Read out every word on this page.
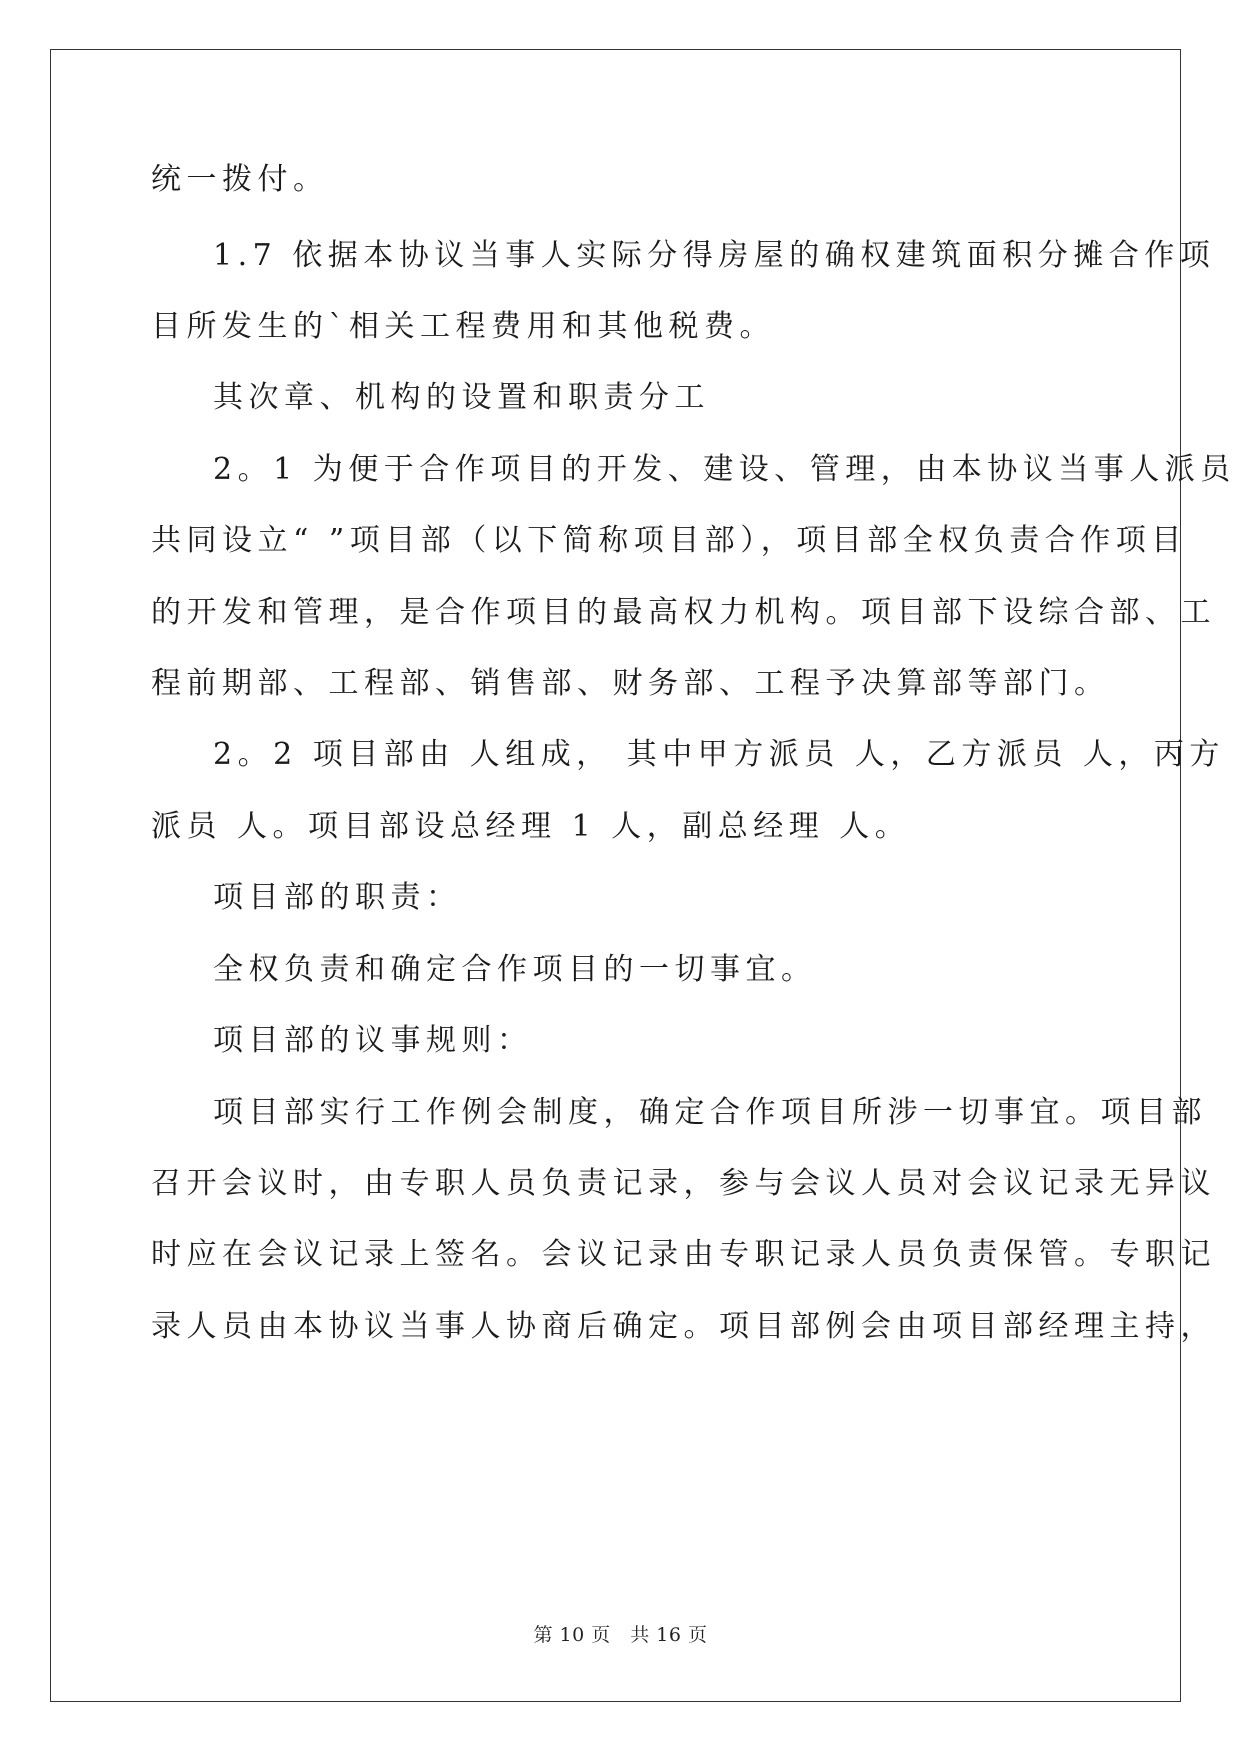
统一拨付。
1.7 依据本协议当事人实际分得房屋的确权建筑面积分摊合作项
目所发生的`相关工程费用和其他税费。
其次章、机构的设置和职责分工
2。1 为便于合作项目的开发、建设、管理，由本协议当事人派员
共同设立“ ”项目部（以下简称项目部），项目部全权负责合作项目
的开发和管理，是合作项目的最高权力机构。项目部下设综合部、工
程前期部、工程部、销售部、财务部、工程予决算部等部门。
2。2 项目部由 人组成， 其中甲方派员 人，乙方派员 人，丙方
派员 人。项目部设总经理 1 人，副总经理 人。
项目部的职责：
全权负责和确定合作项目的一切事宜。
项目部的议事规则：
项目部实行工作例会制度，确定合作项目所涉一切事宜。项目部
召开会议时，由专职人员负责记录，参与会议人员对会议记录无异议
时应在会议记录上签名。会议记录由专职记录人员负责保管。专职记
录人员由本协议当事人协商后确定。项目部例会由项目部经理主持，
第 10 页　共 16 页
